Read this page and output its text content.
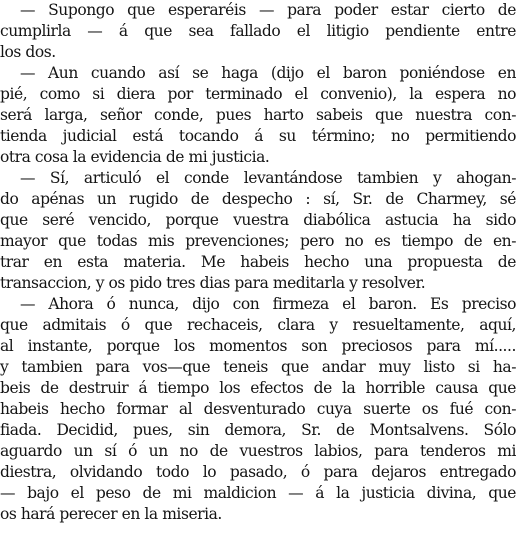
— Supongo que esperaréis — para poder estar cierto de
cumplirla — á que sea fallado el litigio pendiente entre
los dos.
— Aun cuando así se haga (dijo el baron poniéndose en
pié, como si diera por terminado el convenio), la espera no
será larga, señor conde, pues harto sabeis que nuestra con-
tienda judicial está tocando á su término; no permitiendo
otra cosa la evidencia de mi justicia.
— Sí, articuló el conde levantándose tambien y ahogan-
do apénas un rugido de despecho : sí, Sr. de Charmey, sé
que seré vencido, porque vuestra diabólica astucia ha sido
mayor que todas mis prevenciones; pero no es tiempo de en-
trar en esta materia. Me habeis hecho una propuesta de
transaccion, y os pido tres dias para meditarla y resolver.
— Ahora ó nunca, dijo con firmeza el baron. Es preciso
que admitais ó que rechaceis, clara y resueltamente, aquí,
al instante, porque los momentos son preciosos para mí.....
y tambien para vos—que teneis que andar muy listo si ha-
beis de destruir á tiempo los efectos de la horrible causa que
habeis hecho formar al desventurado cuya suerte os fué con-
fiada. Decidid, pues, sin demora, Sr. de Montsalvens. Sólo
aguardo un sí ó un no de vuestros labios, para tenderos mi
diestra, olvidando todo lo pasado, ó para dejaros entregado
— bajo el peso de mi maldicion — á la justicia divina, que
os hará perecer en la miseria.
